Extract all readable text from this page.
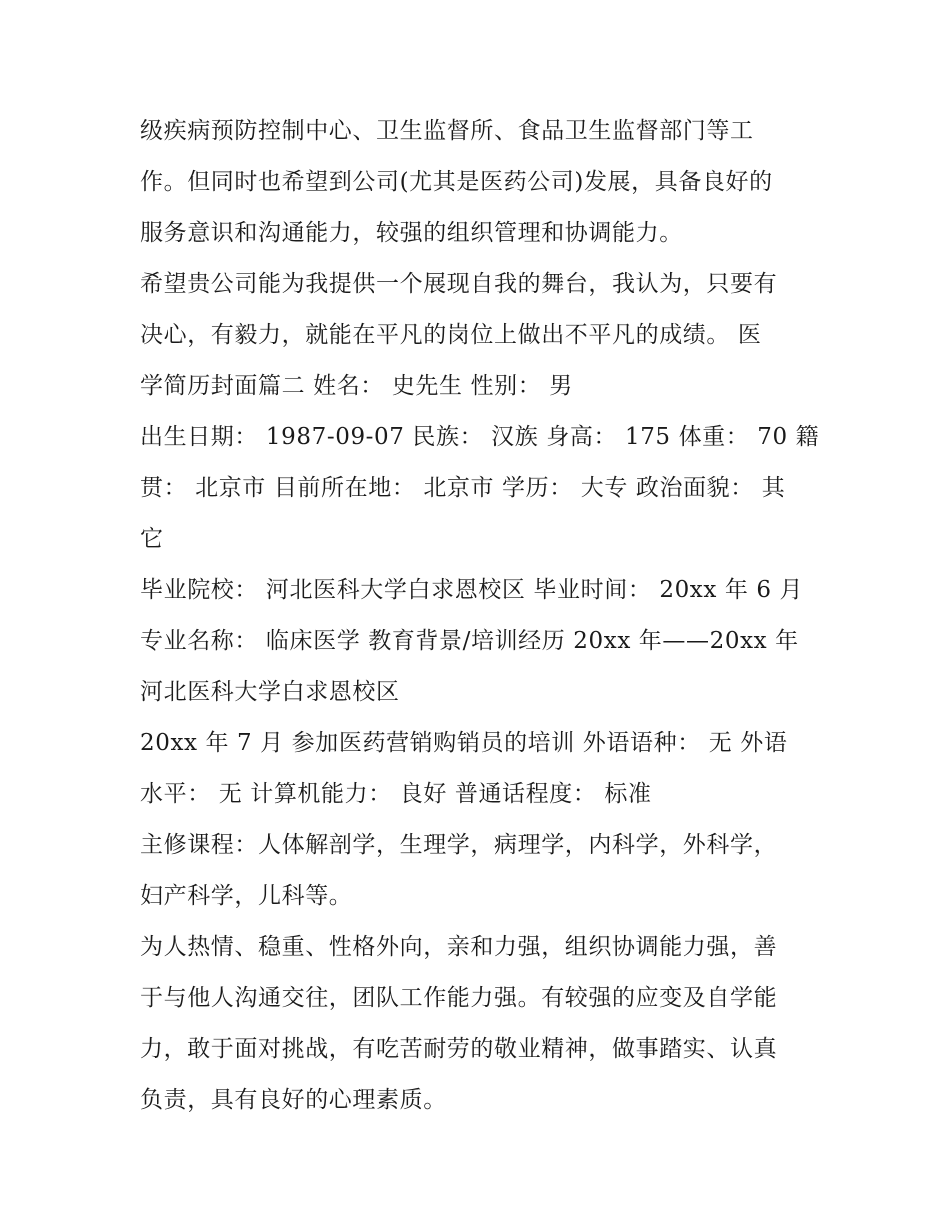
级疾病预防控制中心、卫生监督所、食品卫生监督部门等工
作。但同时也希望到公司(尤其是医药公司)发展，具备良好的
服务意识和沟通能力，较强的组织管理和协调能力。
希望贵公司能为我提供一个展现自我的舞台，我认为，只要有
决心，有毅力，就能在平凡的岗位上做出不平凡的成绩。 医
学简历封面篇二 姓名： 史先生 性别： 男
出生日期： 1987-09-07 民族： 汉族 身高： 175 体重： 70 籍
贯： 北京市 目前所在地： 北京市 学历： 大专 政治面貌： 其
它
毕业院校： 河北医科大学白求恩校区 毕业时间： 20xx 年 6 月
专业名称： 临床医学 教育背景/培训经历 20xx 年——20xx 年
河北医科大学白求恩校区
20xx 年 7 月 参加医药营销购销员的培训 外语语种： 无 外语
水平： 无 计算机能力： 良好 普通话程度： 标准
主修课程：人体解剖学，生理学，病理学，内科学，外科学，
妇产科学，儿科等。
为人热情、稳重、性格外向，亲和力强，组织协调能力强，善
于与他人沟通交往，团队工作能力强。有较强的应变及自学能
力，敢于面对挑战，有吃苦耐劳的敬业精神，做事踏实、认真
负责，具有良好的心理素质。
